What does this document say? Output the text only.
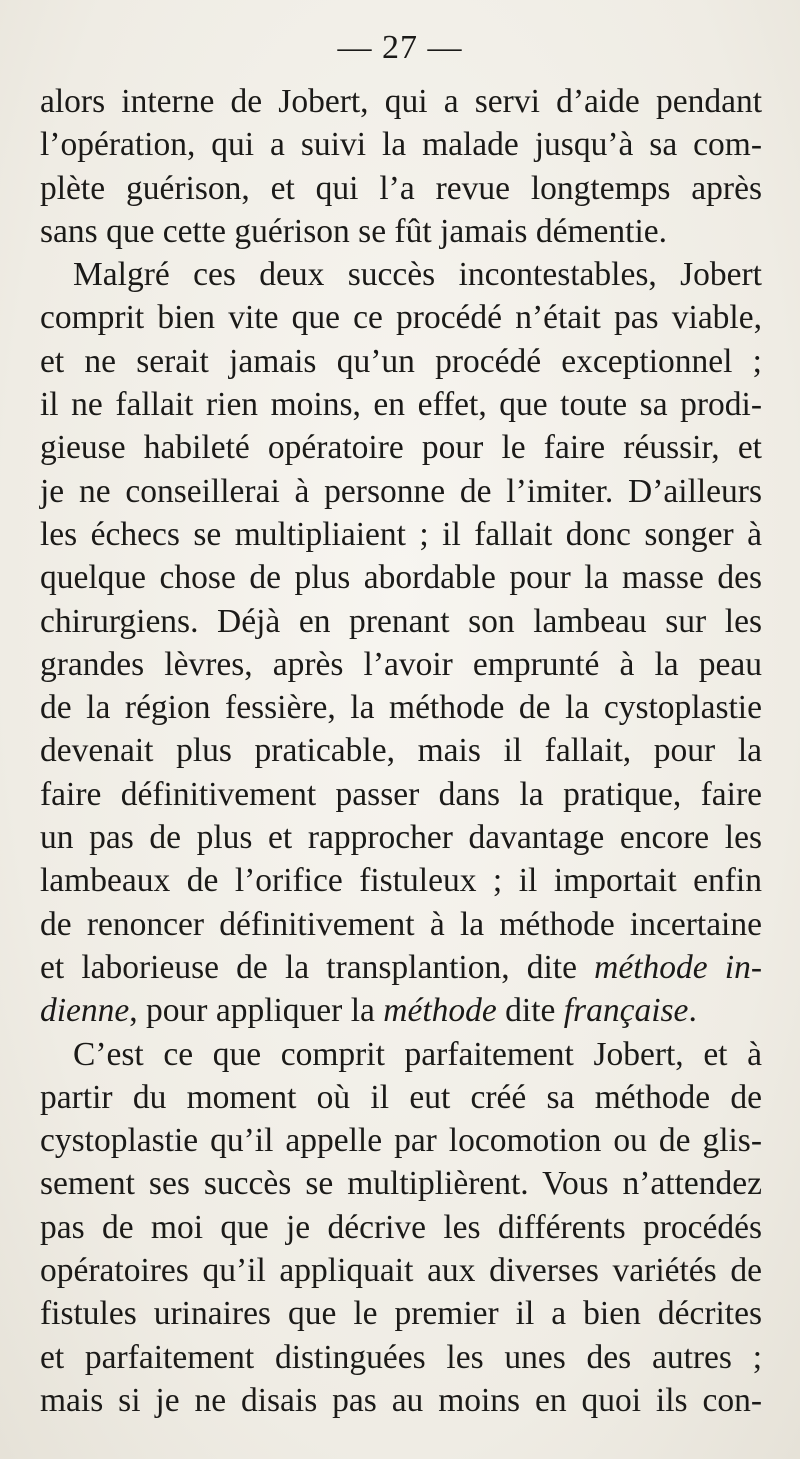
— 27 —
alors interne de Jobert, qui a servi d’aide pendant
l’opération, qui a suivi la malade jusqu’à sa com-
plète guérison, et qui l’a revue longtemps après
sans que cette guérison se fût jamais démentie.
Malgré ces deux succès incontestables, Jobert
comprit bien vite que ce procédé n’était pas viable,
et ne serait jamais qu’un procédé exceptionnel ;
il ne fallait rien moins, en effet, que toute sa prodi-
gieuse habileté opératoire pour le faire réussir, et
je ne conseillerai à personne de l’imiter. D’ailleurs
les échecs se multipliaient ; il fallait donc songer à
quelque chose de plus abordable pour la masse des
chirurgiens. Déjà en prenant son lambeau sur les
grandes lèvres, après l’avoir emprunté à la peau
de la région fessière, la méthode de la cystoplastie
devenait plus praticable, mais il fallait, pour la
faire définitivement passer dans la pratique, faire
un pas de plus et rapprocher davantage encore les
lambeaux de l’orifice fistuleux ; il importait enfin
de renoncer définitivement à la méthode incertaine
et laborieuse de la transplantion, dite méthode in-
dienne, pour appliquer la méthode dite française.
C’est ce que comprit parfaitement Jobert, et à
partir du moment où il eut créé sa méthode de
cystoplastie qu’il appelle par locomotion ou de glis-
sement ses succès se multiplièrent. Vous n’attendez
pas de moi que je décrive les différents procédés
opératoires qu’il appliquait aux diverses variétés de
fistules urinaires que le premier il a bien décrites
et parfaitement distinguées les unes des autres ;
mais si je ne disais pas au moins en quoi ils con-
